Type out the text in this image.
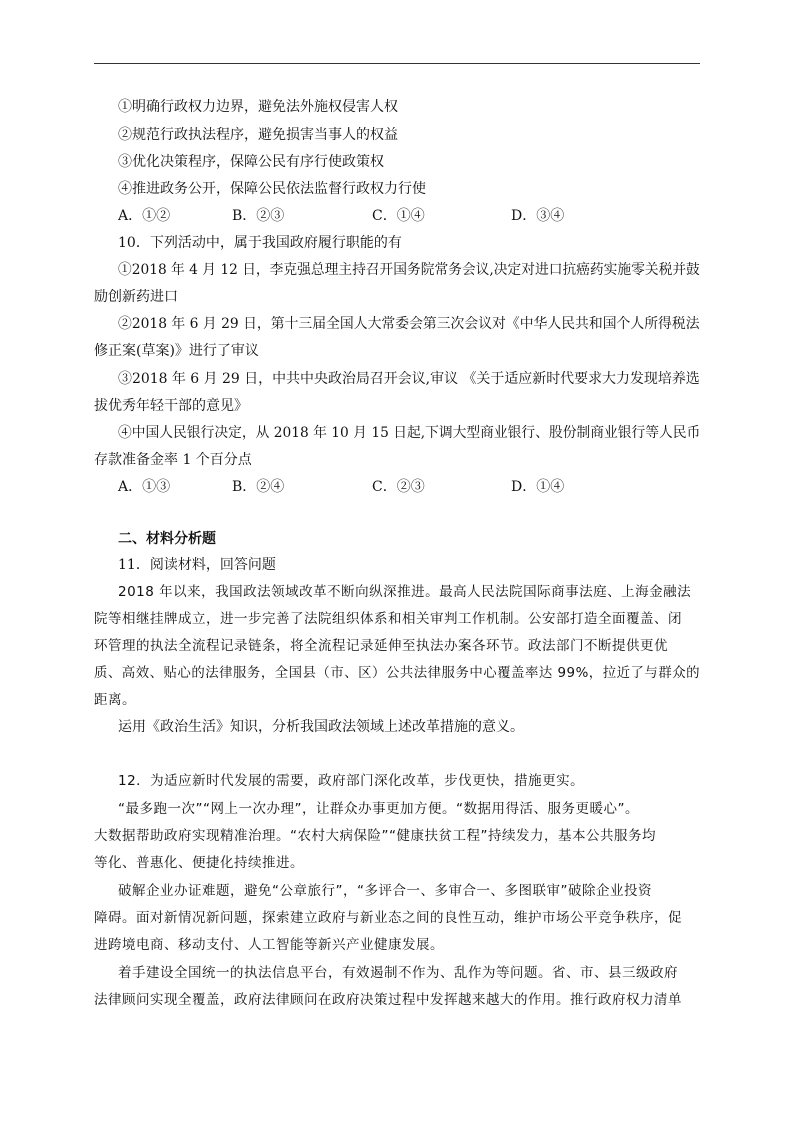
①明确行政权力边界，避免法外施权侵害人权
②规范行政执法程序，避免损害当事人的权益
③优化决策程序，保障公民有序行使政策权
④推进政务公开，保障公民依法监督行政权力行使
A．①②	B．②③	C．①④	D．③④
10．下列活动中，属于我国政府履行职能的有
①2018 年 4 月 12 日，李克强总理主持召开国务院常务会议,决定对进口抗癌药实施零关税并鼓
励创新药进口
②2018 年 6 月 29 日，第十三届全国人大常委会第三次会议对《中华人民共和国个人所得税法
修正案(草案)》进行了审议
③2018 年 6 月 29 日，中共中央政治局召开会议,审议 《关于适应新时代要求大力发现培养选
拔优秀年轻干部的意见》
④中国人民银行决定，从 2018 年 10 月 15 日起,下调大型商业银行、股份制商业银行等人民币
存款准备金率 1 个百分点
A．①③	B．②④	C．②③	D．①④
二、材料分析题
11．阅读材料，回答问题
2018 年以来，我国政法领域改革不断向纵深推进。最高人民法院国际商事法庭、上海金融法
院等相继挂牌成立，进一步完善了法院组织体系和相关审判工作机制。公安部打造全面覆盖、闭
环管理的执法全流程记录链条，将全流程记录延伸至执法办案各环节。政法部门不断提供更优
质、高效、贴心的法律服务，全国县（市、区）公共法律服务中心覆盖率达 99%，拉近了与群众的
距离。
运用《政治生活》知识，分析我国政法领域上述改革措施的意义。
12．为适应新时代发展的需要，政府部门深化改革，步伐更快，措施更实。
“最多跑一次”“网上一次办理”，让群众办事更加方便。“数据用得活、服务更暖心”。
大数据帮助政府实现精准治理。“农村大病保险”“健康扶贫工程”持续发力，基本公共服务均
等化、普惠化、便捷化持续推进。
破解企业办证难题，避免“公章旅行”，“多评合一、多审合一、多图联审”破除企业投资
障碍。面对新情况新问题，探索建立政府与新业态之间的良性互动，维护市场公平竞争秩序，促
进跨境电商、移动支付、人工智能等新兴产业健康发展。
着手建设全国统一的执法信息平台，有效遏制不作为、乱作为等问题。省、市、县三级政府
法律顾问实现全覆盖，政府法律顾问在政府决策过程中发挥越来越大的作用。推行政府权力清单
